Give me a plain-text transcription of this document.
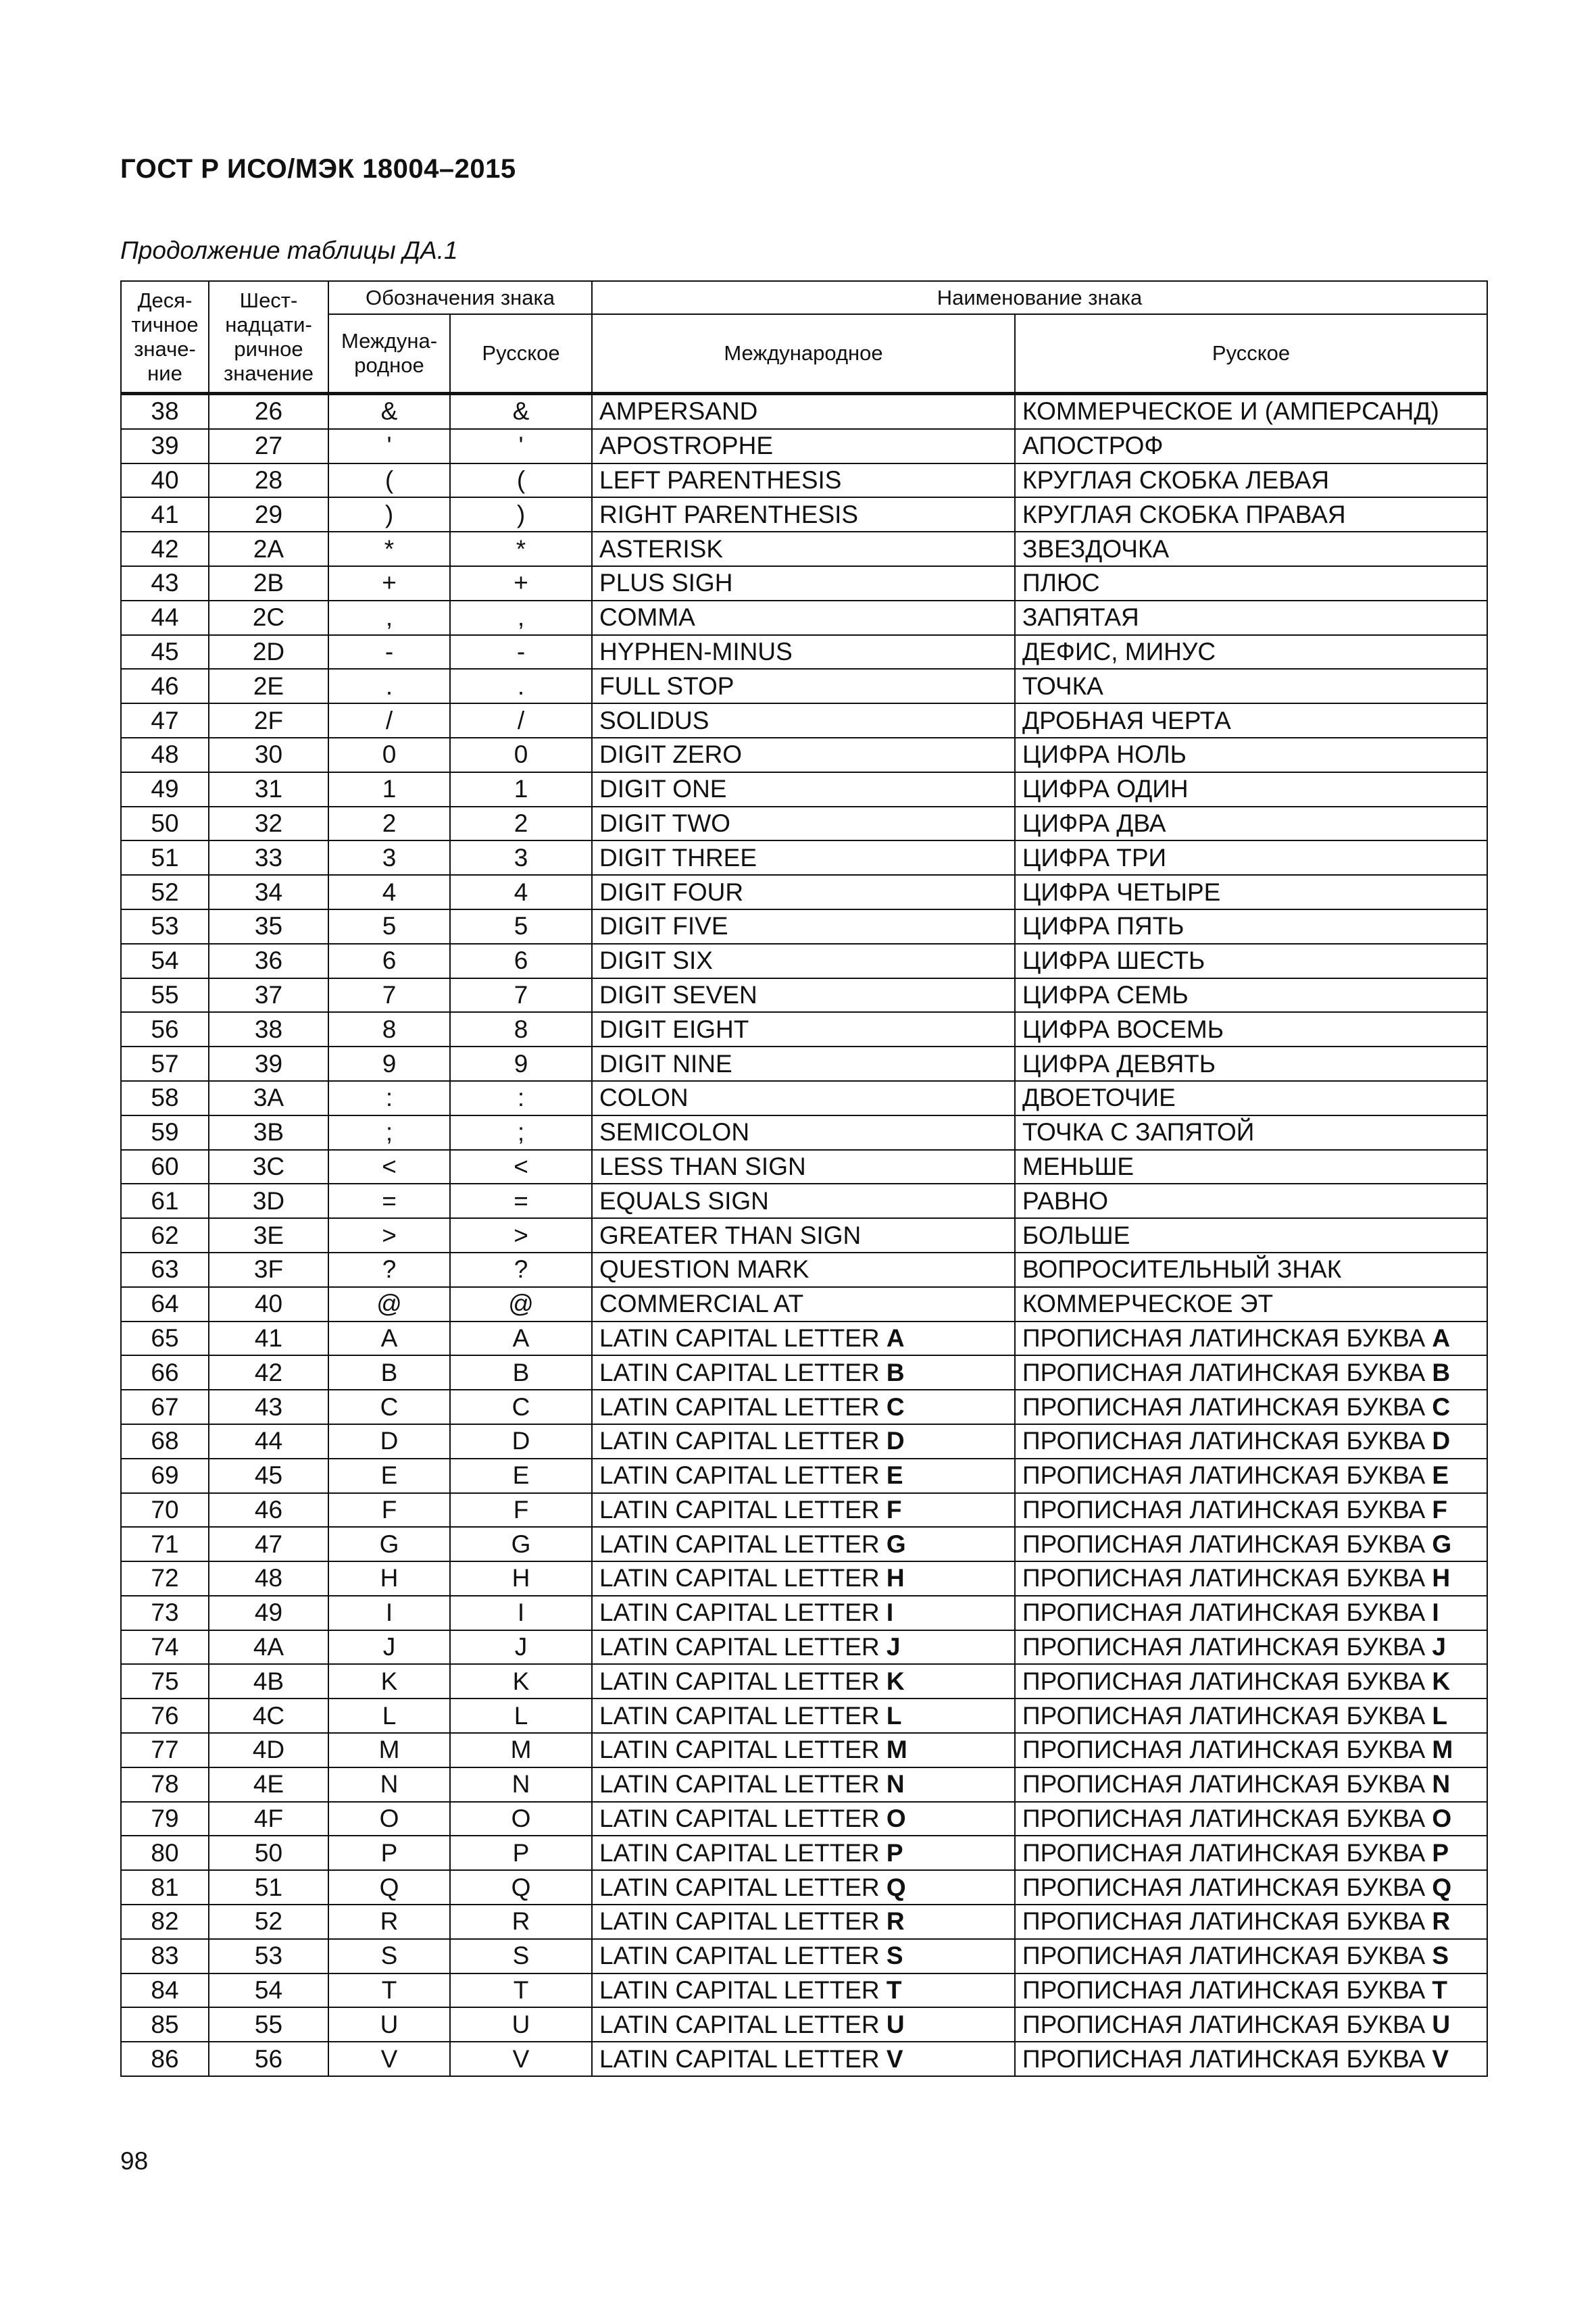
ГОСТ Р ИСО/МЭК 18004–2015
Продолжение таблицы ДА.1
Деся-тичное значе-ние	Шест-надцати-ричное значение	Обозначения знака		Наименование знака	
		Междуна-родное	Русское	Международное	Русское
38	26	&	&	AMPERSAND	КОММЕРЧЕСКОЕ И (АМПЕРСАНД)
39	27	'	'	APOSTROPHE	АПОСТРОФ
40	28	(	(	LEFT PARENTHESIS	КРУГЛАЯ СКОБКА ЛЕВАЯ
41	29	)	)	RIGHT PARENTHESIS	КРУГЛАЯ СКОБКА ПРАВАЯ
42	2A	*	*	ASTERISK	ЗВЕЗДОЧКА
43	2B	+	+	PLUS SIGH	ПЛЮС
44	2C	,	,	COMMA	ЗАПЯТАЯ
45	2D	-	-	HYPHEN-MINUS	ДЕФИС, МИНУС
46	2E	.	.	FULL STOP	ТОЧКА
47	2F	/	/	SOLIDUS	ДРОБНАЯ ЧЕРТА
48	30	0	0	DIGIT ZERO	ЦИФРА НОЛЬ
49	31	1	1	DIGIT ONE	ЦИФРА ОДИН
50	32	2	2	DIGIT TWO	ЦИФРА ДВА
51	33	3	3	DIGIT THREE	ЦИФРА ТРИ
52	34	4	4	DIGIT FOUR	ЦИФРА ЧЕТЫРЕ
53	35	5	5	DIGIT FIVE	ЦИФРА ПЯТЬ
54	36	6	6	DIGIT SIX	ЦИФРА ШЕСТЬ
55	37	7	7	DIGIT SEVEN	ЦИФРА СЕМЬ
56	38	8	8	DIGIT EIGHT	ЦИФРА ВОСЕМЬ
57	39	9	9	DIGIT NINE	ЦИФРА ДЕВЯТЬ
58	3A	:	:	COLON	ДВОЕТОЧИЕ
59	3B	;	;	SEMICOLON	ТОЧКА С ЗАПЯТОЙ
60	3C	<	<	LESS THAN SIGN	МЕНЬШЕ
61	3D	=	=	EQUALS SIGN	РАВНО
62	3E	>	>	GREATER THAN SIGN	БОЛЬШЕ
63	3F	?	?	QUESTION MARK	ВОПРОСИТЕЛЬНЫЙ ЗНАК
64	40	@	@	COMMERCIAL AT	КОММЕРЧЕСКОЕ ЭТ
65	41	A	A	LATIN CAPITAL LETTER A	ПРОПИСНАЯ ЛАТИНСКАЯ БУКВА A
66	42	B	B	LATIN CAPITAL LETTER B	ПРОПИСНАЯ ЛАТИНСКАЯ БУКВА B
67	43	C	C	LATIN CAPITAL LETTER C	ПРОПИСНАЯ ЛАТИНСКАЯ БУКВА C
68	44	D	D	LATIN CAPITAL LETTER D	ПРОПИСНАЯ ЛАТИНСКАЯ БУКВА D
69	45	E	E	LATIN CAPITAL LETTER E	ПРОПИСНАЯ ЛАТИНСКАЯ БУКВА E
70	46	F	F	LATIN CAPITAL LETTER F	ПРОПИСНАЯ ЛАТИНСКАЯ БУКВА F
71	47	G	G	LATIN CAPITAL LETTER G	ПРОПИСНАЯ ЛАТИНСКАЯ БУКВА G
72	48	H	H	LATIN CAPITAL LETTER H	ПРОПИСНАЯ ЛАТИНСКАЯ БУКВА H
73	49	I	I	LATIN CAPITAL LETTER I	ПРОПИСНАЯ ЛАТИНСКАЯ БУКВА I
74	4A	J	J	LATIN CAPITAL LETTER J	ПРОПИСНАЯ ЛАТИНСКАЯ БУКВА J
75	4B	K	K	LATIN CAPITAL LETTER K	ПРОПИСНАЯ ЛАТИНСКАЯ БУКВА K
76	4C	L	L	LATIN CAPITAL LETTER L	ПРОПИСНАЯ ЛАТИНСКАЯ БУКВА L
77	4D	M	M	LATIN CAPITAL LETTER M	ПРОПИСНАЯ ЛАТИНСКАЯ БУКВА M
78	4E	N	N	LATIN CAPITAL LETTER N	ПРОПИСНАЯ ЛАТИНСКАЯ БУКВА N
79	4F	O	O	LATIN CAPITAL LETTER O	ПРОПИСНАЯ ЛАТИНСКАЯ БУКВА O
80	50	P	P	LATIN CAPITAL LETTER P	ПРОПИСНАЯ ЛАТИНСКАЯ БУКВА P
81	51	Q	Q	LATIN CAPITAL LETTER Q	ПРОПИСНАЯ ЛАТИНСКАЯ БУКВА Q
82	52	R	R	LATIN CAPITAL LETTER R	ПРОПИСНАЯ ЛАТИНСКАЯ БУКВА R
83	53	S	S	LATIN CAPITAL LETTER S	ПРОПИСНАЯ ЛАТИНСКАЯ БУКВА S
84	54	T	T	LATIN CAPITAL LETTER T	ПРОПИСНАЯ ЛАТИНСКАЯ БУКВА T
85	55	U	U	LATIN CAPITAL LETTER U	ПРОПИСНАЯ ЛАТИНСКАЯ БУКВА U
86	56	V	V	LATIN CAPITAL LETTER V	ПРОПИСНАЯ ЛАТИНСКАЯ БУКВА V
98
